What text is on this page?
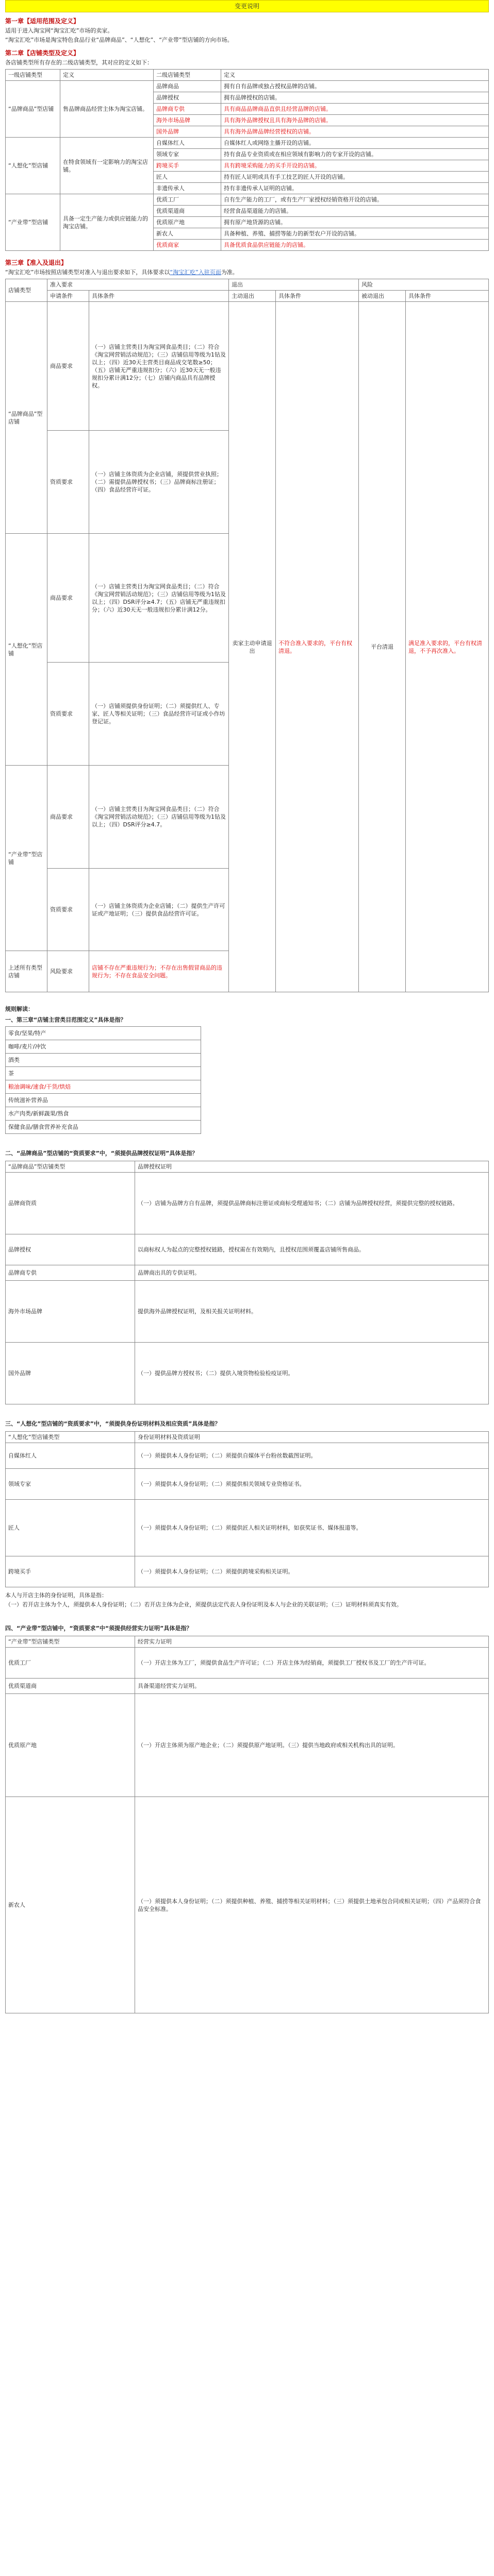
变更说明
第一章【适用范围及定义】

适用于进入淘宝网“淘宝汇吃”市场的卖家。

“淘宝汇吃”市场是淘宝特色食品行业“品牌商品”、“人想化”、“产业带”型店铺的方向市场。

第二章【店铺类型及定义】

各店铺类型所有存在的二级店铺类型，其对应的定义如下：

一级店铺类型	定义	二级店铺类型	定义
“品牌商品”型店铺	售品牌商品经营主体为淘宝店铺。	品牌商品	拥有自有品牌或独占授权品牌的店铺。
		品牌授权	拥有品牌授权的店铺。
		品牌商专供	具有商品品牌商品直供且经营品牌的店铺。
		海外市场品牌	具有海外品牌授权且具有海外品牌的店铺。
		国外品牌	具有海外品牌品牌经营授权的店铺。
“人想化”型店铺	在特食领域有一定影响力的淘宝店铺。	自媒体红人	自媒体红人或网络主播开设的店铺。
		领域专家	持有食品专业资质或在相应领域有影响力的专家开设的店铺。
		跨境买手	具有跨境采购能力的买手开设的店铺。
		匠人	持有匠人证明或具有手工技艺的匠人开设的店铺。
		非遗传承人	持有非遗传承人证明的店铺。
“产业带”型店铺	具备一定生产能力或供应链能力的淘宝店铺。	优质工厂	自有生产能力的工厂，或有生产厂家授权经销资格开设的店铺。
		优质渠道商	经营食品渠道能力的店铺。
		优质原产地	拥有原产地货源的店铺。
		新农人	具备种植、养殖、捕捞等能力的新型农户开设的店铺。
		优质商家	具备优质食品供应链能力的店铺。
第三章【准入及退出】

“淘宝汇吃”市场按照店铺类型对准入与退出要求如下，具体要求以“淘宝汇吃”入驻页面为准。

店铺类型	准入要求		退出		风险	
	申请条件	具体条件	主动退出	具体条件	被动退出	具体条件
“品牌商品”型店铺	商品要求	（一）店铺主营类目为淘宝网食品类目；（二）符合《淘宝网营销活动规范》；（三）店铺信用等级为1钻及以上；（四）近30天主营类目商品成交笔数≥50；（五）店铺无严重违规扣分；（六）近30天无一般违规扣分累计满12分；（七）店铺内商品具有品牌授权。	卖家主动申请退出	不符合准入要求的，平台有权清退。	平台清退	满足准入要求的，平台有权清退，不予再次准入。
	资质要求	（一）店铺主体资质为企业店铺，须提供营业执照；（二）需提供品牌授权书；（三）品牌商标注册证；（四）食品经营许可证。				
“人想化”型店铺	商品要求	（一）店铺主营类目为淘宝网食品类目；（二）符合《淘宝网营销活动规范》；（三）店铺信用等级为1钻及以上；（四）DSR评分≥4.7；（五）店铺无严重违规扣分；（六）近30天无一般违规扣分累计满12分。				
	资质要求	（一）店铺须提供身份证明；（二）须提供红人、专家、匠人等相关证明；（三）食品经营许可证或小作坊登记证。				
“产业带”型店铺	商品要求	（一）店铺主营类目为淘宝网食品类目；（二）符合《淘宝网营销活动规范》；（三）店铺信用等级为1钻及以上；（四）DSR评分≥4.7。				
	资质要求	（一）店铺主体资质为企业店铺；（二）提供生产许可证或产地证明；（三）提供食品经营许可证。				
上述所有类型店铺	风险要求	店铺不存在严重违规行为；不存在出售假冒商品的违规行为；不存在食品安全问题。				
规则解读：

一、第三章“店铺主营类目范围定义”具体是指？

零食/坚果/特产
咖啡/麦片/冲饮
酒类
茶
粮油调味/速食/干货/烘焙
传统滋补营养品
水产肉类/新鲜蔬果/熟食
保健食品/膳食营养补充食品

二、“品牌商品”型店铺的“资质要求”中，“须提供品牌授权证明”具体是指？

“品牌商品”型店铺类型	品牌授权证明
品牌商资质	（一）店铺为品牌方自有品牌，须提供品牌商标注册证或商标受理通知书；（二）店铺为品牌授权经营，须提供完整的授权链路。
品牌授权	以商标权人为起点的完整授权链路，授权需在有效期内，且授权范围须覆盖店铺所售商品。
品牌商专供	品牌商出具的专供证明。
海外市场品牌	提供海外品牌授权证明，及相关报关证明材料。
国外品牌	（一）提供品牌方授权书；（二）提供入境货物检验检疫证明。

三、“人想化”型店铺的“资质要求”中，“须提供身份证明材料及相应资质”具体是指？

“人想化”型店铺类型	身份证明材料及资质证明
自媒体红人	（一）须提供本人身份证明；（二）须提供自媒体平台粉丝数截图证明。
领域专家	（一）须提供本人身份证明；（二）须提供相关领域专业资格证书。
匠人	（一）须提供本人身份证明；（二）须提供匠人相关证明材料，如获奖证书、媒体报道等。
跨境买手	（一）须提供本人身份证明；（二）须提供跨境采购相关证明。

本人与开店主体的身份证明，具体是指：

（一）若开店主体为个人，须提供本人身份证明；（二）若开店主体为企业，须提供法定代表人身份证明及本人与企业的关联证明；（三）证明材料须真实有效。

四、“产业带”型店铺中，“资质要求”中“须提供经营实力证明”具体是指？

“产业带”型店铺类型	经营实力证明
优质工厂	（一）开店主体为工厂，须提供食品生产许可证；（二）开店主体为经销商，须提供工厂授权书及工厂的生产许可证。
优质渠道商	具备渠道经营实力证明。
优质原产地	（一）开店主体须为原产地企业；（二）须提供原产地证明。（三）提供当地政府或相关机构出具的证明。
新农人	（一）须提供本人身份证明；（二）须提供种植、养殖、捕捞等相关证明材料；（三）须提供土地承包合同或相关证明；（四）产品须符合食品安全标准。
